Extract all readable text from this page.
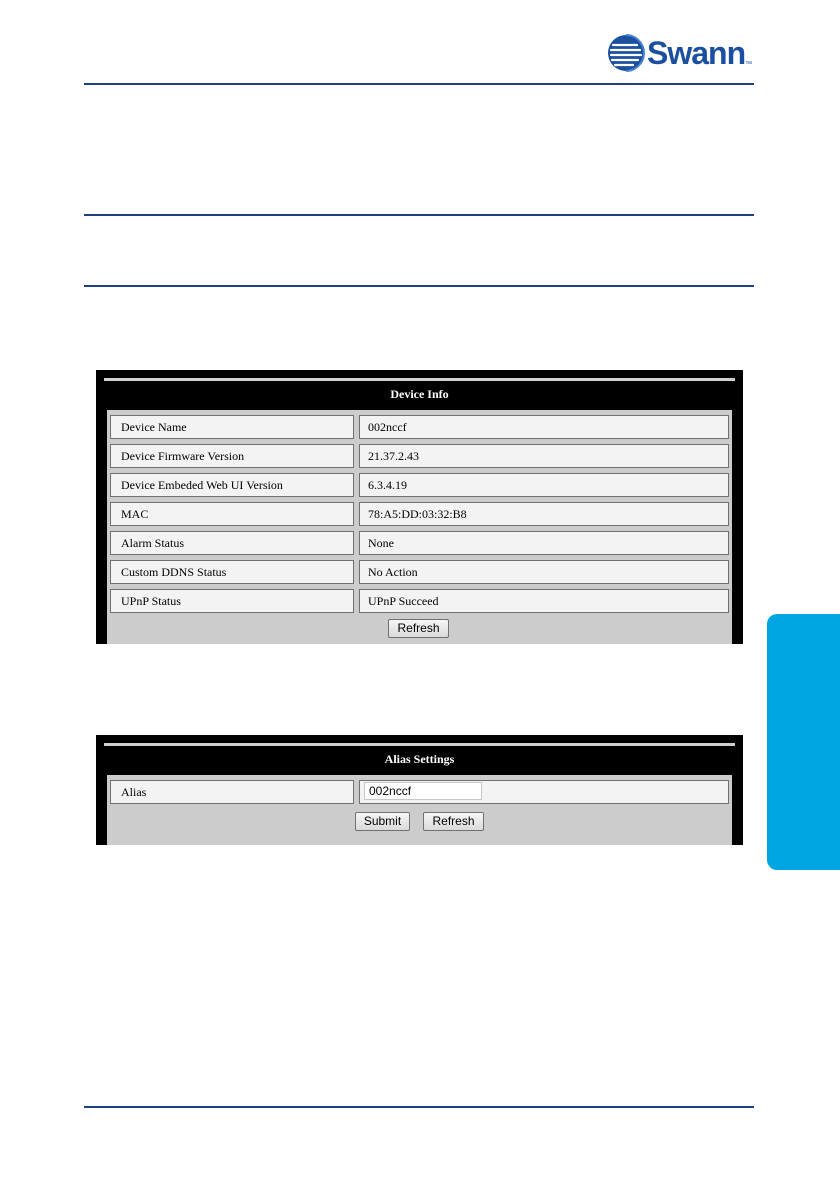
Swann ™
Device Info
Device Name	002nccf
Device Firmware Version	21.37.2.43
Device Embeded Web UI Version	6.3.4.19
MAC	78:A5:DD:03:32:B8
Alarm Status	None
Custom DDNS Status	No Action
UPnP Status	UPnP Succeed
Refresh
Alias Settings
Alias	002nccf
Submit	Refresh
